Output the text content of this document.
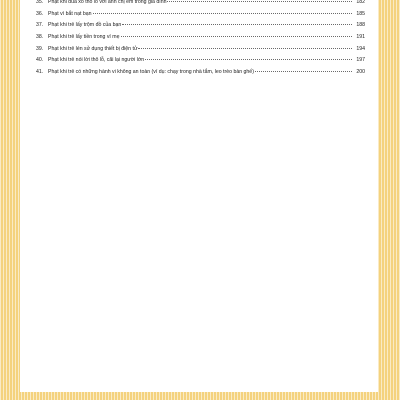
35. Phạt khi đùa xô thô lỗ với anh chị em trong gia đình	182
36. Phạt vì bắt nạt bạn	185
37. Phạt khi trẻ lấy trộm đồ của bạn	188
38. Phạt khi trẻ lấy tiền trong ví mẹ	191
39. Phạt khi trẻ lén sử dụng thiết bị điện tử	194
40. Phạt khi trẻ nói lời thô lỗ, cãi lại người lớn	197
41. Phạt khi trẻ có những hành vi không an toàn (ví dụ: chạy trong nhà tắm, leo trèo bàn ghế)	200
